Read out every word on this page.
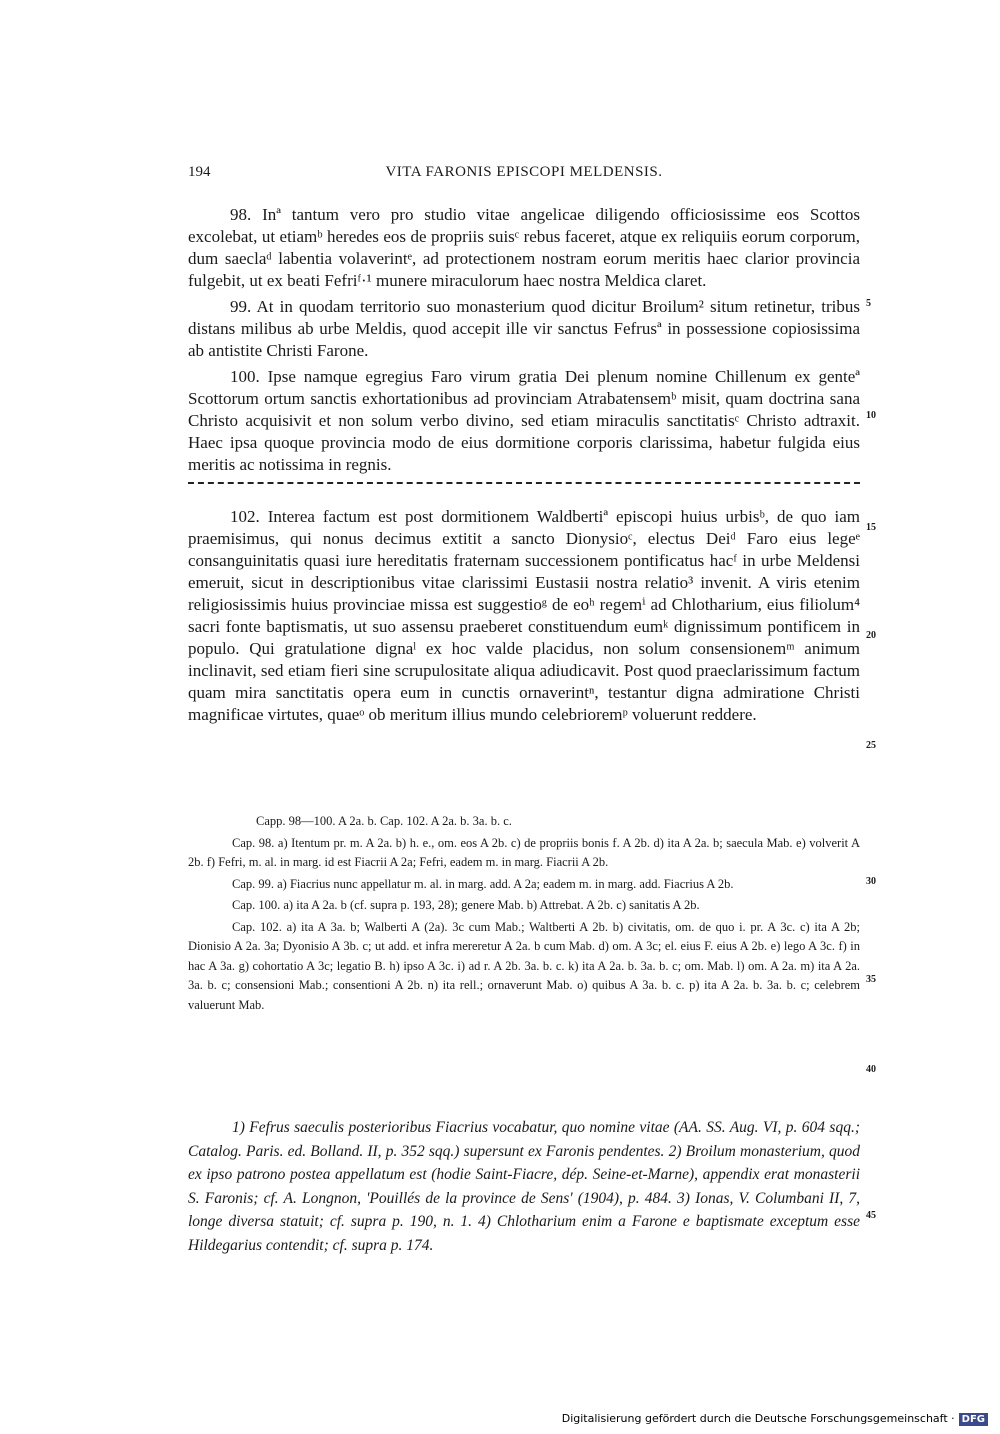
194	VITA FARONIS EPISCOPI MELDENSIS.

98. Inª tantum vero pro studio vitae angelicae diligendo officiosissime eos Scottos excolebat, ut etiamᵇ heredes eos de propriis suisᶜ rebus faceret, atque ex reliquiis eorum corporum, dum saeclaᵈ labentia volaverintᵉ, ad protectionem nostram eorum meritis haec clarior provincia fulgebit, ut ex beati Fefriᶠ·¹ munere miraculorum haec nostra Meldica claret.

99. At in quodam territorio suo monasterium quod dicitur Broilum² situm retinetur, tribus distans milibus ab urbe Meldis, quod accepit ille vir sanctus Fefrusª in possessione copiosissima ab antistite Christi Farone.

100. Ipse namque egregius Faro virum gratia Dei plenum nomine Chillenum ex genteª Scottorum ortum sanctis exhortationibus ad provinciam Atrabatensemᵇ misit, quam doctrina sana Christo acquisivit et non solum verbo divino, sed etiam miraculis sanctitatisᶜ Christo adtraxit. Haec ipsa quoque provincia modo de eius dormitione corporis clarissima, habetur fulgida eius meritis ac notissima in regnis.

102. Interea factum est post dormitionem Waldbertiª episcopi huius urbisᵇ, de quo iam praemisimus, qui nonus decimus extitit a sancto Dionysioᶜ, electus Deiᵈ Faro eius legeᵉ consanguinitatis quasi iure hereditatis fraternam successionem pontificatus hacᶠ in urbe Meldensi emeruit, sicut in descriptionibus vitae clarissimi Eustasii nostra relatio³ invenit. A viris etenim religiosissimis huius provinciae missa est suggestioᵍ de eoʰ regemⁱ ad Chlotharium, eius filiolum⁴ sacri fonte baptismatis, ut suo assensu praeberet constituendum eumᵏ dignissimum pontificem in populo. Qui gratulatione dignaˡ ex hoc valde placidus, non solum consensionemᵐ animum inclinavit, sed etiam fieri sine scrupulositate aliqua adiudicavit. Post quod praeclarissimum factum quam mira sanctitatis opera eum in cunctis ornaverintⁿ, testantur digna admiratione Christi magnificae virtutes, quaeᵒ ob meritum illius mundo celebrioremᵖ voluerunt reddere.

Capp. 98—100. A 2a. b. Cap. 102. A 2a. b. 3a. b. c.

Cap. 98. a) Itentum pr. m. A 2a. b) h. e., om. eos A 2b. c) de propriis bonis f. A 2b. d) ita A 2a. b; saecula Mab. e) volverit A 2b. f) Fefri, m. al. in marg. id est Fiacrii A 2a; Fefri, eadem m. in marg. Fiacrii A 2b.

Cap. 99. a) Fiacrius nunc appellatur m. al. in marg. add. A 2a; eadem m. in marg. add. Fiacrius A 2b.

Cap. 100. a) ita A 2a. b (cf. supra p. 193, 28); genere Mab. b) Attrebat. A 2b. c) sanitatis A 2b.

Cap. 102. a) ita A 3a. b; Walberti A (2a). 3c cum Mab.; Waltberti A 2b. b) civitatis, om. de quo i. pr. A 3c. c) ita A 2b; Dionisio A 2a. 3a; Dyonisio A 3b. c; ut add. et infra mereretur A 2a. b cum Mab. d) om. A 3c; el. eius F. eius A 2b. e) lego A 3c. f) in hac A 3a. g) cohortatio A 3c; legatio B. h) ipso A 3c. i) ad r. A 2b. 3a. b. c. k) ita A 2a. b. 3a. b. c; om. Mab. l) om. A 2a. m) ita A 2a. 3a. b. c; consensioni Mab.; consentioni A 2b. n) ita rell.; ornaverunt Mab. o) quibus A 3a. b. c. p) ita A 2a. b. 3a. b. c; celebrem valuerunt Mab.

1) Fefrus saeculis posterioribus Fiacrius vocabatur, quo nomine vitae (AA. SS. Aug. VI, p. 604 sqq.; Catalog. Paris. ed. Bolland. II, p. 352 sqq.) supersunt ex Faronis pendentes. 2) Broilum monasterium, quod ex ipso patrono postea appellatum est (hodie Saint-Fiacre, dép. Seine-et-Marne), appendix erat monasterii S. Faronis; cf. A. Longnon, 'Pouillés de la province de Sens' (1904), p. 484. 3) Ionas, V. Columbani II, 7, longe diversa statuit; cf. supra p. 190, n. 1. 4) Chlotharium enim a Farone e baptismate exceptum esse Hildegarius contendit; cf. supra p. 174.

5
10
15
20
25
30
35
40
45
Digitalisierung gefördert durch die Deutsche Forschungsgemeinschaft · DFG
